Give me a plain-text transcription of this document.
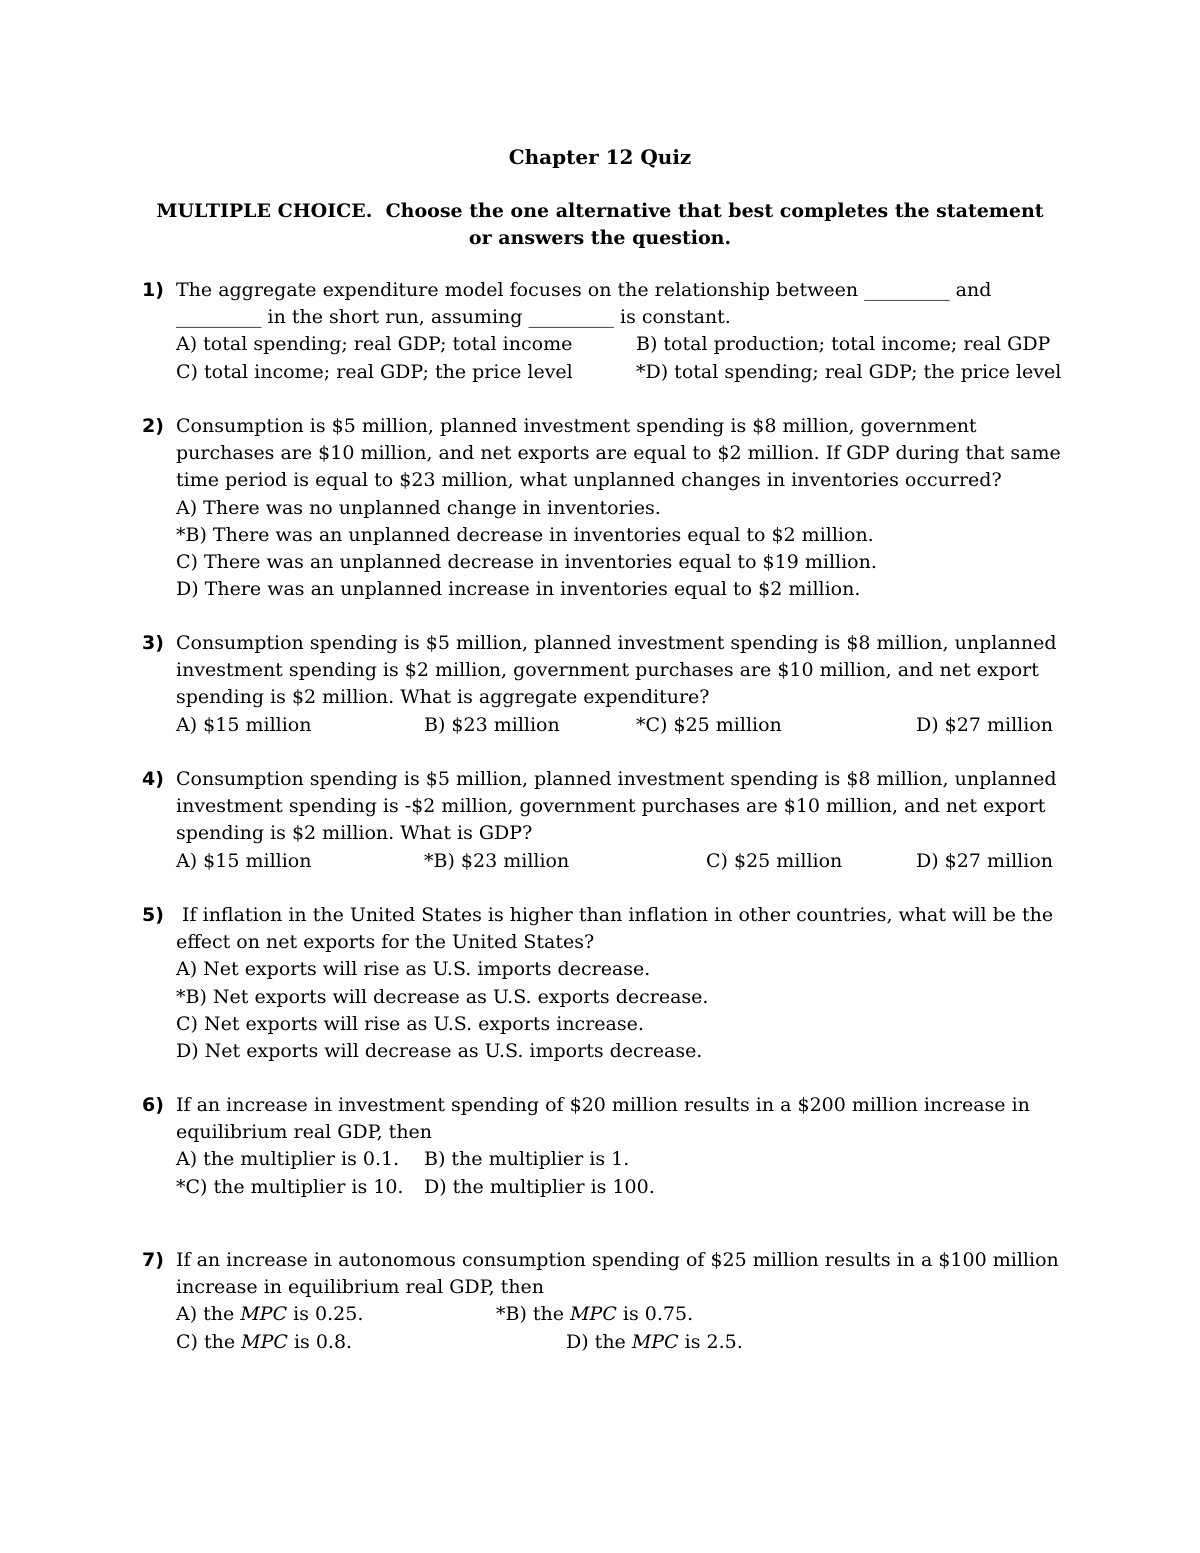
Chapter 12 Quiz
MULTIPLE CHOICE. Choose the one alternative that best completes the statement or answers the question.
1) The aggregate expenditure model focuses on the relationship between _________ and
_________ in the short run, assuming _________ is constant.
A) total spending; real GDP; total income	B) total production; total income; real GDP
C) total income; real GDP; the price level	*D) total spending; real GDP; the price level
2) Consumption is $5 million, planned investment spending is $8 million, government
purchases are $10 million, and net exports are equal to $2 million. If GDP during that same
time period is equal to $23 million, what unplanned changes in inventories occurred?
A) There was no unplanned change in inventories.
*B) There was an unplanned decrease in inventories equal to $2 million.
C) There was an unplanned decrease in inventories equal to $19 million.
D) There was an unplanned increase in inventories equal to $2 million.
3) Consumption spending is $5 million, planned investment spending is $8 million, unplanned
investment spending is $2 million, government purchases are $10 million, and net export
spending is $2 million. What is aggregate expenditure?
A) $15 million	B) $23 million	*C) $25 million	D) $27 million
4) Consumption spending is $5 million, planned investment spending is $8 million, unplanned
investment spending is -$2 million, government purchases are $10 million, and net export
spending is $2 million. What is GDP?
A) $15 million	*B) $23 million	C) $25 million	D) $27 million
5) If inflation in the United States is higher than inflation in other countries, what will be the
effect on net exports for the United States?
A) Net exports will rise as U.S. imports decrease.
*B) Net exports will decrease as U.S. exports decrease.
C) Net exports will rise as U.S. exports increase.
D) Net exports will decrease as U.S. imports decrease.
6) If an increase in investment spending of $20 million results in a $200 million increase in
equilibrium real GDP, then
A) the multiplier is 0.1. B) the multiplier is 1.
*C) the multiplier is 10. D) the multiplier is 100.
7) If an increase in autonomous consumption spending of $25 million results in a $100 million
increase in equilibrium real GDP, then
A) the MPC is 0.25.	*B) the MPC is 0.75.
C) the MPC is 0.8.	D) the MPC is 2.5.
